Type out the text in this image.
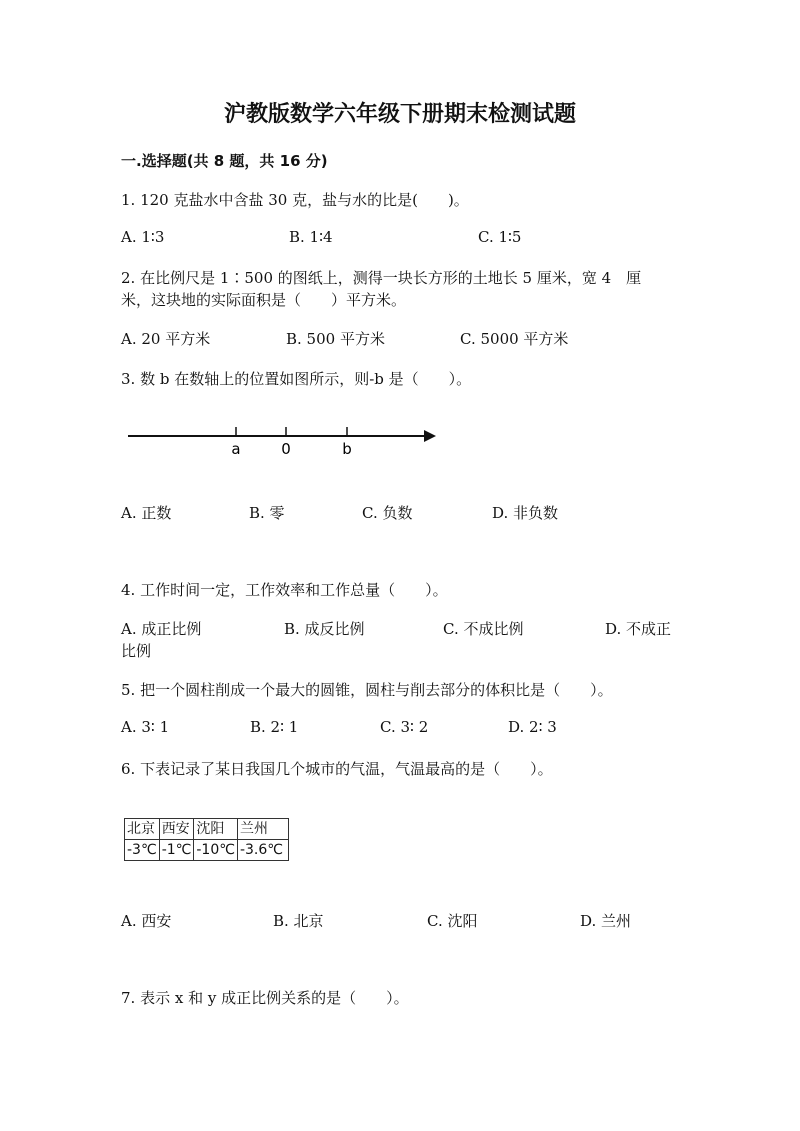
沪教版数学六年级下册期末检测试题
一.选择题(共 8 题，共 16 分)
1. 120 克盐水中含盐 30 克，盐与水的比是(　　)。
A. 1∶3	B. 1∶4	C. 1∶5
2. 在比例尺是 1∶500 的图纸上，测得一块长方形的土地长 5 厘米，宽 4　厘
米，这块地的实际面积是（　　）平方米。
A. 20 平方米	B. 500 平方米	C. 5000 平方米
3. 数 b 在数轴上的位置如图所示，则-b 是（　　）。
a	0	b
A. 正数	B. 零	C. 负数	D. 非负数
4. 工作时间一定，工作效率和工作总量（　　）。
A. 成正比例	B. 成反比例	C. 不成比例	D. 不成正
比例
5. 把一个圆柱削成一个最大的圆锥，圆柱与削去部分的体积比是（　　）。
A. 3∶ 1	B. 2∶ 1	C. 3∶ 2	D. 2∶ 3
6. 下表记录了某日我国几个城市的气温，气温最高的是（　　）。
北京	西安	沈阳	兰州
-3℃	-1℃	-10℃	-3.6℃
A. 西安	B. 北京	C. 沈阳	D. 兰州
7. 表示 x 和 y 成正比例关系的是（　　）。
